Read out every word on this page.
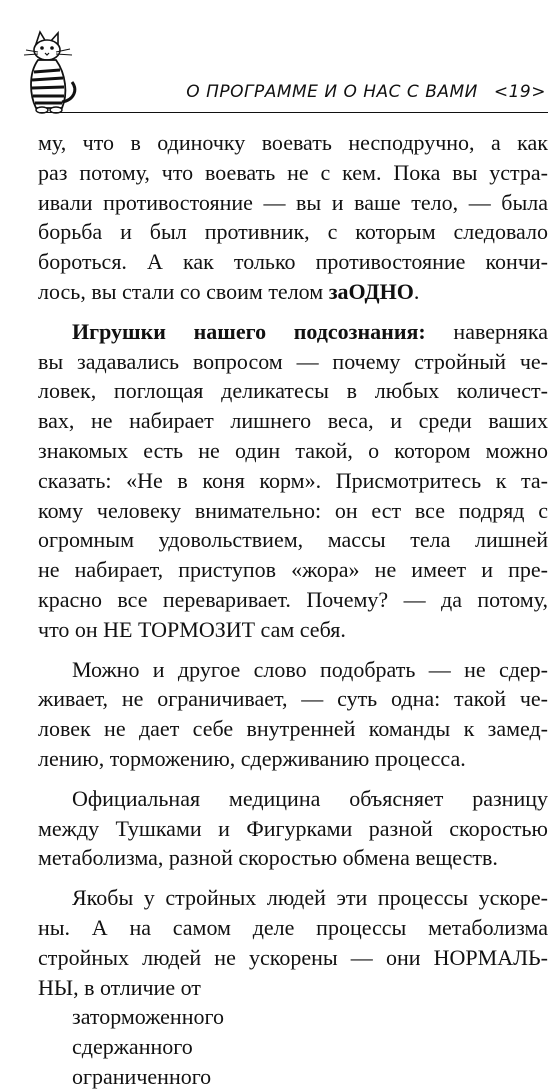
О ПРОГРАММЕ И О НАС С ВАМИ <19>
му, что в одиночку воевать несподручно, а как
раз потому, что воевать не с кем. Пока вы устра-
ивали противостояние — вы и ваше тело, — была
борьба и был противник, с которым следовало
бороться. А как только противостояние кончи-
лось, вы стали со своим телом заОДНО.
Игрушки нашего подсознания: наверняка
вы задавались вопросом — почему стройный че-
ловек, поглощая деликатесы в любых количест-
вах, не набирает лишнего веса, и среди ваших
знакомых есть не один такой, о котором можно
сказать: «Не в коня корм». Присмотритесь к та-
кому человеку внимательно: он ест все подряд с
огромным удовольствием, массы тела лишней
не набирает, приступов «жора» не имеет и пре-
красно все переваривает. Почему? — да потому,
что он НЕ ТОРМОЗИТ сам себя.
Можно и другое слово подобрать — не сдер-
живает, не ограничивает, — суть одна: такой че-
ловек не дает себе внутренней команды к замед-
лению, торможению, сдерживанию процесса.
Официальная медицина объясняет разницу
между Тушками и Фигурками разной скоростью
метаболизма, разной скоростью обмена веществ.
Якобы у стройных людей эти процессы ускоре-
ны. А на самом деле процессы метаболизма
стройных людей не ускорены — они НОРМАЛЬ-
НЫ, в отличие от
заторможенного
сдержанного
ограниченного
